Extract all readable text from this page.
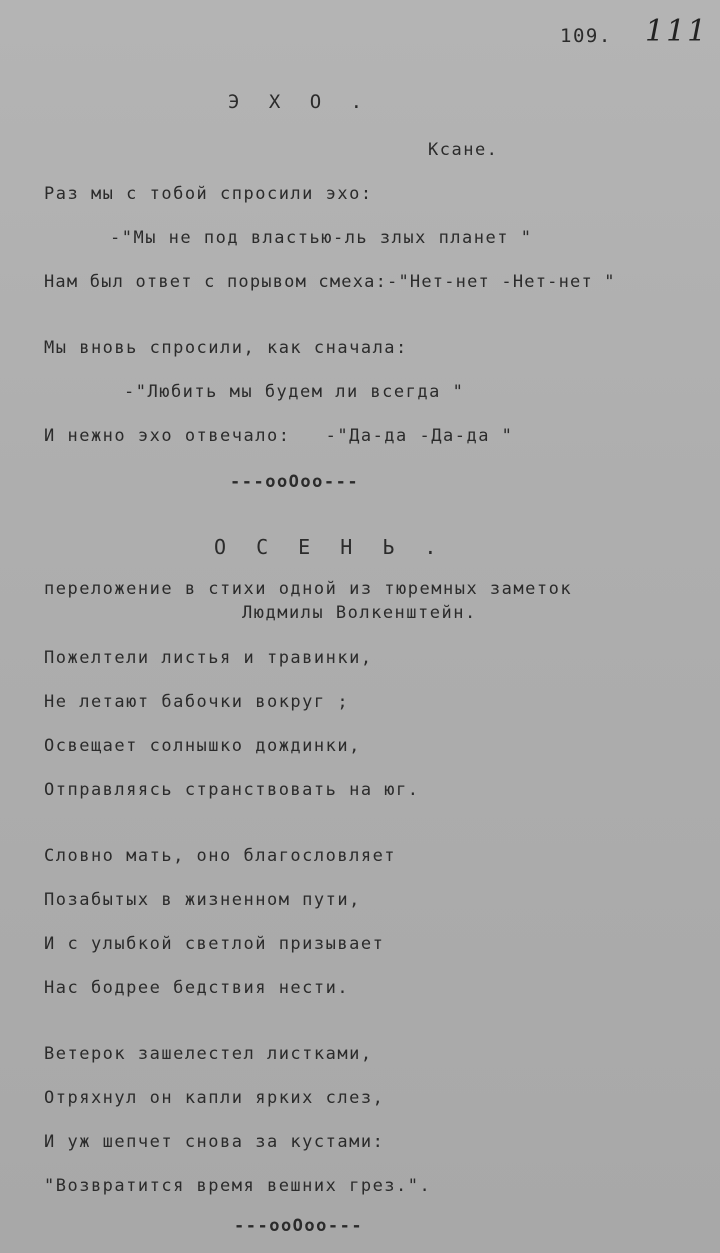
109. 111
Э Х О .
Ксане.
Раз мы с тобой спросили эхо:
-"Мы не под властью-ль злых планет "
Нам был ответ с порывом смеха:-"Нет-нет -Нет-нет "
Мы вновь спросили, как сначала:
-"Любить мы будем ли всегда "
И нежно эхо отвечало:   -"Да-да -Да-да "
---ooOoo---
О С Е Н Ь .
переложение в стихи одной из тюремных заметок
Людмилы Волкенштейн.
Пожелтели листья и травинки,
Не летают бабочки вокруг ;
Освещает солнышко дождинки,
Отправляясь странствовать на юг.
Словно мать, оно благословляет
Позабытых в жизненном пути,
И с улыбкой светлой призывает
Нас бодрее бедствия нести.
Ветерок зашелестел листками,
Отряхнул он капли ярких слез,
И уж шепчет снова за кустами:
"Возвратится время вешних грез.".
---ooOoo---
